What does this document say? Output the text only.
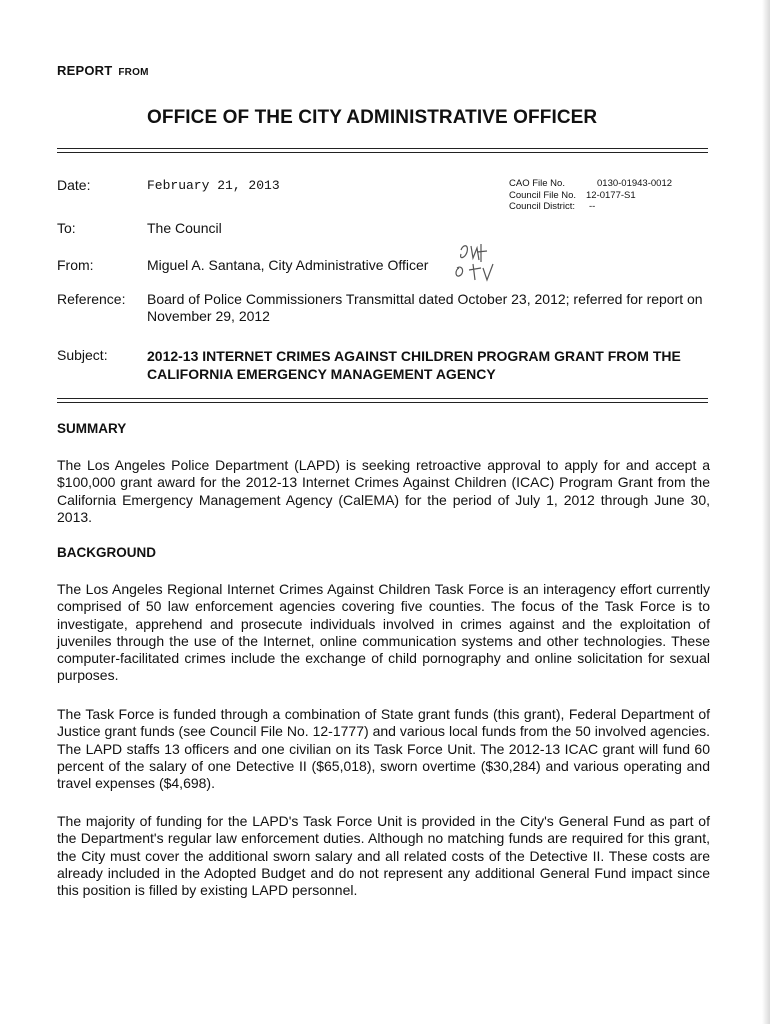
REPORT FROM
OFFICE OF THE CITY ADMINISTRATIVE OFFICER
Date:	February 21, 2013	CAO File No.	0130-01943-0012
Council File No.	12-0177-S1
Council District:	--
To:	The Council
From:	Miguel A. Santana, City Administrative Officer
Reference: Board of Police Commissioners Transmittal dated October 23, 2012; referred for report on November 29, 2012
Subject:	2012-13 INTERNET CRIMES AGAINST CHILDREN PROGRAM GRANT FROM THE CALIFORNIA EMERGENCY MANAGEMENT AGENCY
SUMMARY
The Los Angeles Police Department (LAPD) is seeking retroactive approval to apply for and accept a $100,000 grant award for the 2012-13 Internet Crimes Against Children (ICAC) Program Grant from the California Emergency Management Agency (CalEMA) for the period of July 1, 2012 through June 30, 2013.
BACKGROUND
The Los Angeles Regional Internet Crimes Against Children Task Force is an interagency effort currently comprised of 50 law enforcement agencies covering five counties. The focus of the Task Force is to investigate, apprehend and prosecute individuals involved in crimes against and the exploitation of juveniles through the use of the Internet, online communication systems and other technologies. These computer-facilitated crimes include the exchange of child pornography and online solicitation for sexual purposes.
The Task Force is funded through a combination of State grant funds (this grant), Federal Department of Justice grant funds (see Council File No. 12-1777) and various local funds from the 50 involved agencies. The LAPD staffs 13 officers and one civilian on its Task Force Unit. The 2012-13 ICAC grant will fund 60 percent of the salary of one Detective II ($65,018), sworn overtime ($30,284) and various operating and travel expenses ($4,698).
The majority of funding for the LAPD's Task Force Unit is provided in the City's General Fund as part of the Department's regular law enforcement duties. Although no matching funds are required for this grant, the City must cover the additional sworn salary and all related costs of the Detective II. These costs are already included in the Adopted Budget and do not represent any additional General Fund impact since this position is filled by existing LAPD personnel.
